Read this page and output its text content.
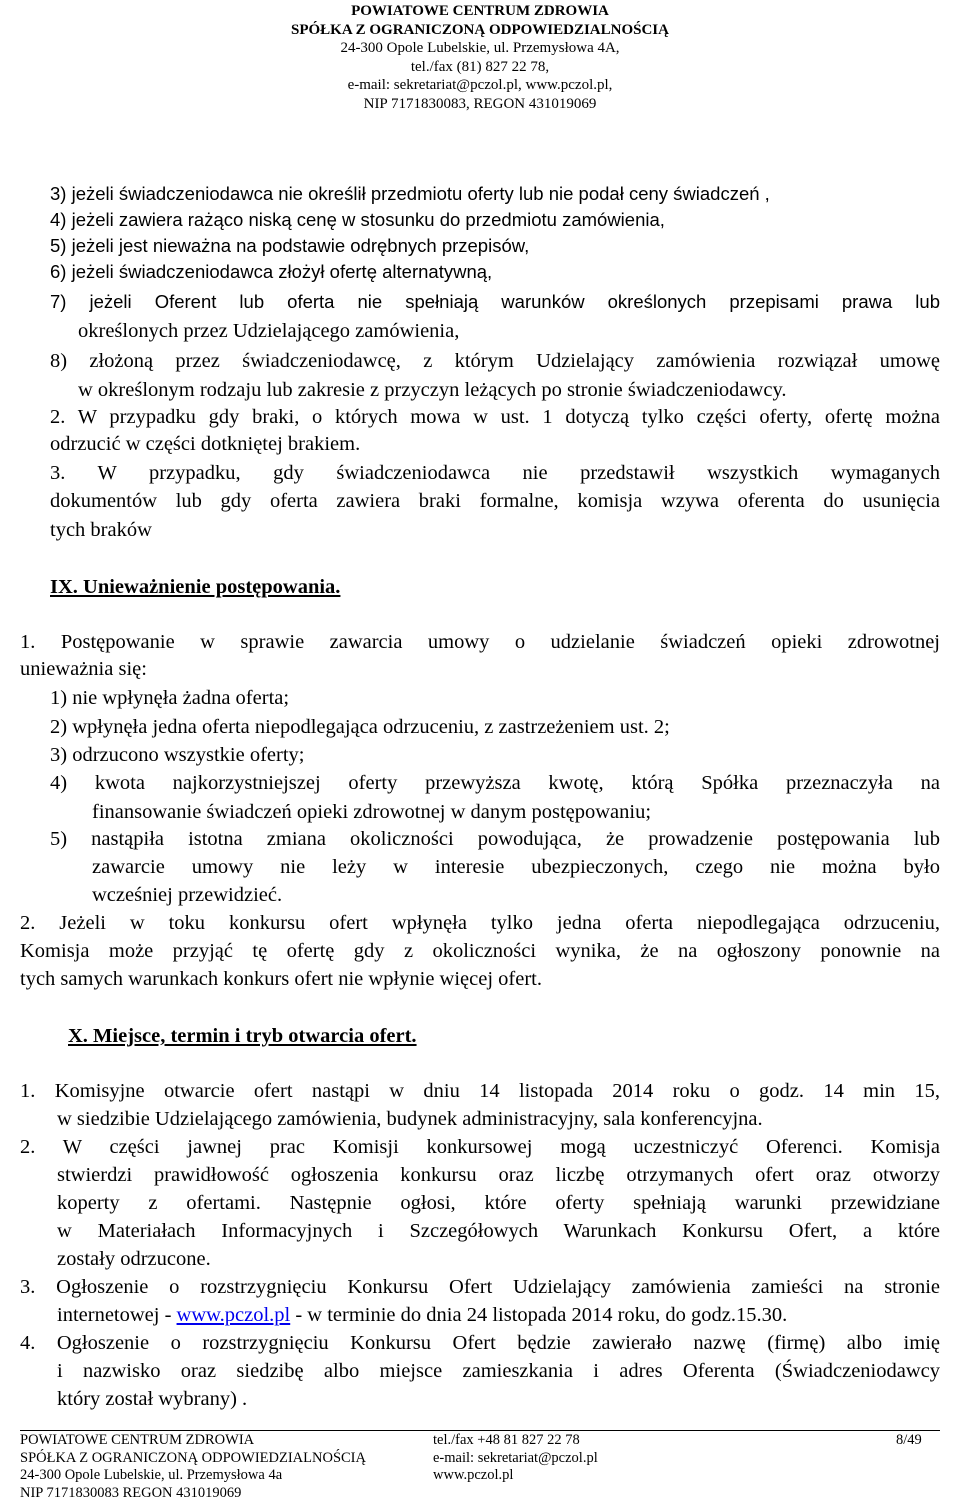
POWIATOWE CENTRUM ZDROWIA
SPÓŁKA Z OGRANICZONĄ ODPOWIEDZIALNOŚCIĄ
24-300 Opole Lubelskie, ul. Przemysłowa 4A,
tel./fax (81) 827 22 78,
e-mail: sekretariat@pczol.pl, www.pczol.pl,
NIP 7171830083, REGON 431019069
3) jeżeli świadczeniodawca nie określił przedmiotu oferty lub nie podał ceny świadczeń ,
4) jeżeli zawiera rażąco niską cenę w stosunku do przedmiotu zamówienia,
5) jeżeli jest nieważna na podstawie odrębnych przepisów,
6) jeżeli świadczeniodawca złożył ofertę alternatywną,
7) jeżeli Oferent lub oferta nie spełniają warunków określonych przepisami prawa lub
określonych przez Udzielającego zamówienia,
8) złożoną przez świadczeniodawcę, z którym Udzielający zamówienia rozwiązał umowę
w określonym rodzaju lub zakresie z przyczyn leżących po stronie świadczeniodawcy.
2. W przypadku gdy braki, o których mowa w ust. 1 dotyczą tylko części oferty, ofertę można
odrzucić w części dotkniętej brakiem.
3. W przypadku, gdy świadczeniodawca nie przedstawił wszystkich wymaganych
dokumentów lub gdy oferta zawiera braki formalne, komisja wzywa oferenta do usunięcia
tych braków
IX. Unieważnienie postępowania.
1. Postępowanie w sprawie zawarcia umowy o udzielanie świadczeń opieki zdrowotnej
unieważnia się:
1) nie wpłynęła żadna oferta;
2) wpłynęła jedna oferta niepodlegająca odrzuceniu, z zastrzeżeniem ust. 2;
3) odrzucono wszystkie oferty;
4) kwota najkorzystniejszej oferty przewyższa kwotę, którą Spółka przeznaczyła na
finansowanie świadczeń opieki zdrowotnej w danym postępowaniu;
5) nastąpiła istotna zmiana okoliczności powodująca, że prowadzenie postępowania lub
zawarcie umowy nie leży w interesie ubezpieczonych, czego nie można było
wcześniej przewidzieć.
2. Jeżeli w toku konkursu ofert wpłynęła tylko jedna oferta niepodlegająca odrzuceniu,
Komisja może przyjąć tę ofertę gdy z okoliczności wynika, że na ogłoszony ponownie na
tych samych warunkach konkurs ofert nie wpłynie więcej ofert.
X. Miejsce, termin i tryb otwarcia ofert.
1. Komisyjne otwarcie ofert nastąpi w dniu 14 listopada 2014 roku o godz. 14 min 15,
w siedzibie Udzielającego zamówienia, budynek administracyjny, sala konferencyjna.
2. W części jawnej prac Komisji konkursowej mogą uczestniczyć Oferenci. Komisja
stwierdzi prawidłowość ogłoszenia konkursu oraz liczbę otrzymanych ofert oraz otworzy
koperty z ofertami. Następnie ogłosi, które oferty spełniają warunki przewidziane
w Materiałach Informacyjnych i Szczegółowych Warunkach Konkursu Ofert, a które
zostały odrzucone.
3. Ogłoszenie o rozstrzygnięciu Konkursu Ofert Udzielający zamówienia zamieści na stronie
internetowej - www.pczol.pl - w terminie do dnia 24 listopada 2014 roku, do godz.15.30.
4. Ogłoszenie o rozstrzygnięciu Konkursu Ofert będzie zawierało nazwę (firmę) albo imię
i nazwisko oraz siedzibę albo miejsce zamieszkania i adres Oferenta (Świadczeniodawcy
który został wybrany) .
POWIATOWE CENTRUM ZDROWIA
SPÓŁKA Z OGRANICZONĄ ODPOWIEDZIALNOŚCIĄ
24-300 Opole Lubelskie, ul. Przemysłowa 4a
NIP 7171830083 REGON 431019069
tel./fax +48 81 827 22 78
e-mail: sekretariat@pczol.pl
www.pczol.pl
8/49
